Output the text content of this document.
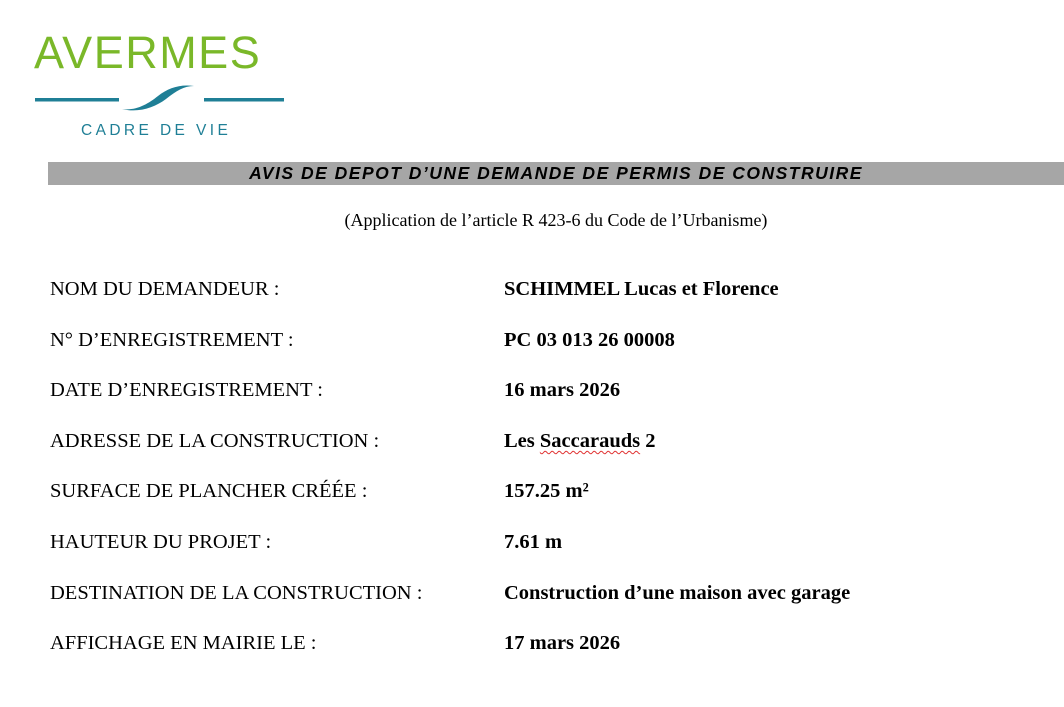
AVERMES
CADRE DE VIE
AVIS DE DEPOT D’UNE DEMANDE DE PERMIS DE CONSTRUIRE
(Application de l’article R 423-6 du Code de l’Urbanisme)
NOM DU DEMANDEUR :	SCHIMMEL Lucas et Florence
N° D’ENREGISTREMENT :	PC 03 013 26 00008
DATE D’ENREGISTREMENT :	16 mars 2026
ADRESSE DE LA CONSTRUCTION :	Les Saccarauds 2
SURFACE DE PLANCHER CRÉÉE :	157.25 m²
HAUTEUR DU PROJET :	7.61 m
DESTINATION DE LA CONSTRUCTION :	Construction d’une maison avec garage
AFFICHAGE EN MAIRIE LE :	17 mars 2026
